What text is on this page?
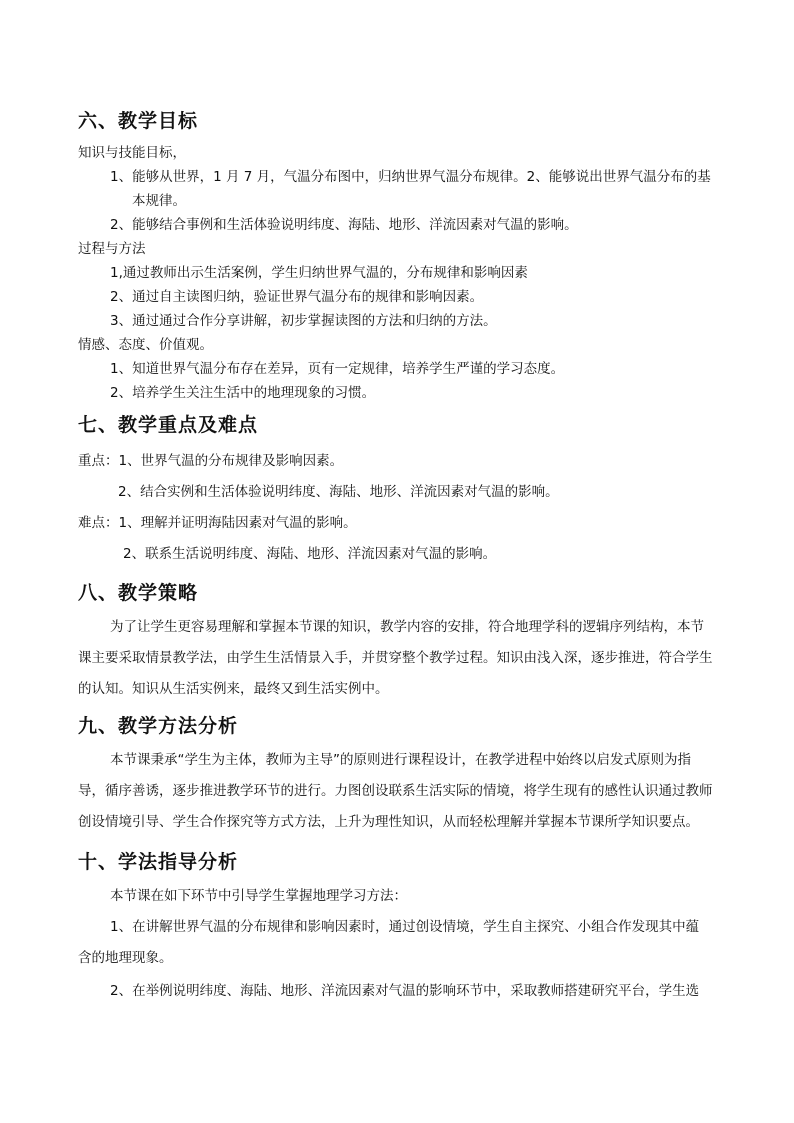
六、教学目标
知识与技能目标，
1、能够从世界，1 月 7 月，气温分布图中，归纳世界气温分布规律。2、能够说出世界气温分布的基
本规律。
2、能够结合事例和生活体验说明纬度、海陆、地形、洋流因素对气温的影响。
过程与方法
1,通过教师出示生活案例，学生归纳世界气温的，分布规律和影响因素
2、通过自主读图归纳，验证世界气温分布的规律和影响因素。
3、通过通过合作分享讲解，初步掌握读图的方法和归纳的方法。
情感、态度、价值观。
1、知道世界气温分布存在差异，页有一定规律，培养学生严谨的学习态度。
2、培养学生关注生活中的地理现象的习惯。
七、教学重点及难点
重点：1、世界气温的分布规律及影响因素。
2、结合实例和生活体验说明纬度、海陆、地形、洋流因素对气温的影响。
难点：1、理解并证明海陆因素对气温的影响。
2、联系生活说明纬度、海陆、地形、洋流因素对气温的影响。
八、教学策略
为了让学生更容易理解和掌握本节课的知识，教学内容的安排，符合地理学科的逻辑序列结构，本节
课主要采取情景教学法，由学生生活情景入手，并贯穿整个教学过程。知识由浅入深，逐步推进，符合学生
的认知。知识从生活实例来，最终又到生活实例中。
九、教学方法分析
本节课秉承“学生为主体，教师为主导”的原则进行课程设计，在教学进程中始终以启发式原则为指
导，循序善诱，逐步推进教学环节的进行。力图创设联系生活实际的情境，将学生现有的感性认识通过教师
创设情境引导、学生合作探究等方式方法，上升为理性知识，从而轻松理解并掌握本节课所学知识要点。
十、学法指导分析
本节课在如下环节中引导学生掌握地理学习方法：
1、在讲解世界气温的分布规律和影响因素时，通过创设情境，学生自主探究、小组合作发现其中蕴
含的地理现象。
2、在举例说明纬度、海陆、地形、洋流因素对气温的影响环节中，采取教师搭建研究平台，学生选
